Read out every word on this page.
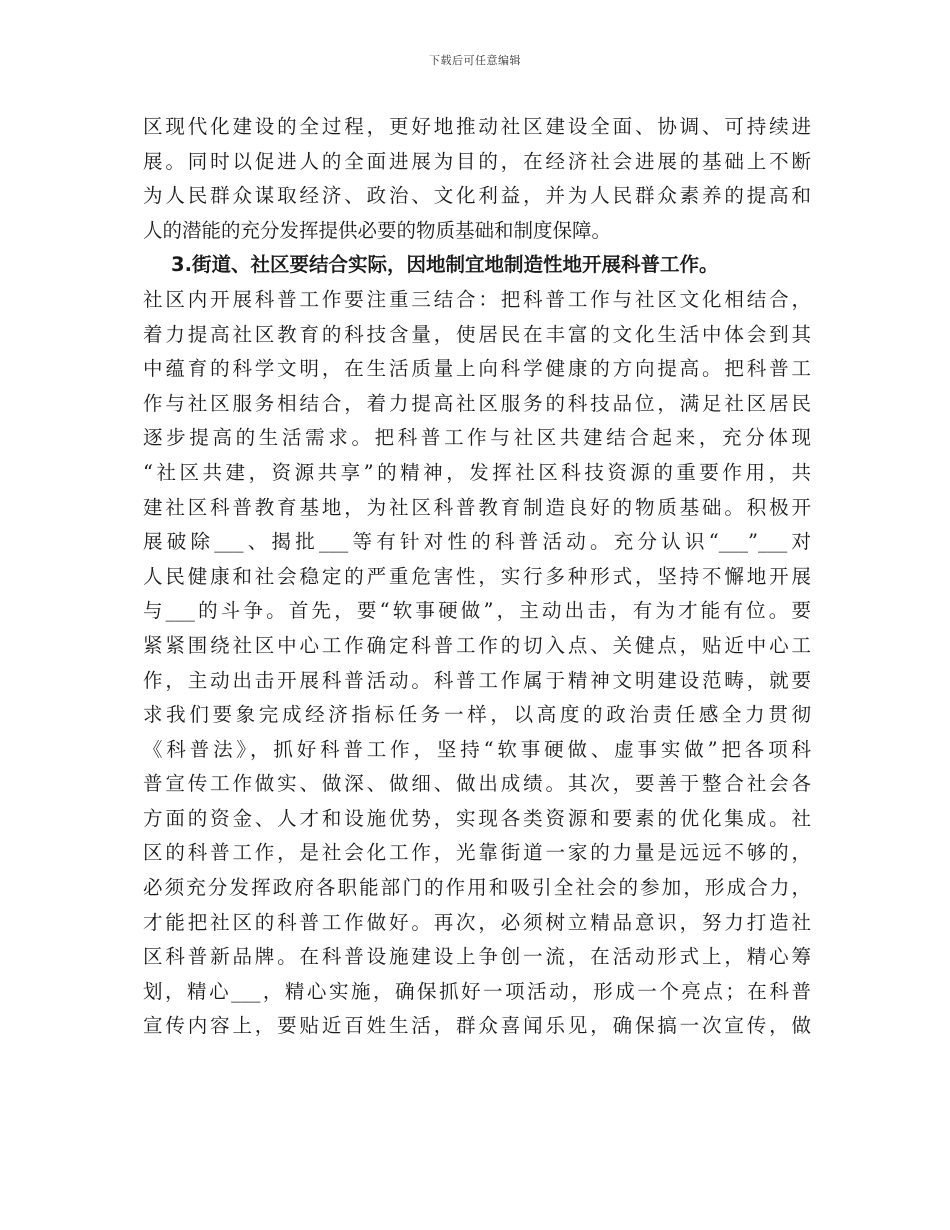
下载后可任意编辑
区现代化建设的全过程，更好地推动社区建设全面、协调、可持续进
展。同时以促进人的全面进展为目的，在经济社会进展的基础上不断
为人民群众谋取经济、政治、文化利益，并为人民群众素养的提高和
人的潜能的充分发挥提供必要的物质基础和制度保障。
3.街道、社区要结合实际，因地制宜地制造性地开展科普工作。
社区内开展科普工作要注重三结合：把科普工作与社区文化相结合，
着力提高社区教育的科技含量，使居民在丰富的文化生活中体会到其
中蕴育的科学文明，在生活质量上向科学健康的方向提高。把科普工
作与社区服务相结合，着力提高社区服务的科技品位，满足社区居民
逐步提高的生活需求。把科普工作与社区共建结合起来，充分体现
“社区共建，资源共享”的精神，发挥社区科技资源的重要作用，共
建社区科普教育基地，为社区科普教育制造良好的物质基础。积极开
展破除___、揭批___等有针对性的科普活动。充分认识“___”___对
人民健康和社会稳定的严重危害性，实行多种形式，坚持不懈地开展
与___的斗争。首先，要“软事硬做”，主动出击，有为才能有位。要
紧紧围绕社区中心工作确定科普工作的切入点、关健点，贴近中心工
作，主动出击开展科普活动。科普工作属于精神文明建设范畴，就要
求我们要象完成经济指标任务一样，以高度的政治责任感全力贯彻
《科普法》，抓好科普工作，坚持“软事硬做、虚事实做”把各项科
普宣传工作做实、做深、做细、做出成绩。其次，要善于整合社会各
方面的资金、人才和设施优势，实现各类资源和要素的优化集成。社
区的科普工作，是社会化工作，光靠街道一家的力量是远远不够的，
必须充分发挥政府各职能部门的作用和吸引全社会的参加，形成合力，
才能把社区的科普工作做好。再次，必须树立精品意识，努力打造社
区科普新品牌。在科普设施建设上争创一流，在活动形式上，精心筹
划，精心___，精心实施，确保抓好一项活动，形成一个亮点；在科普
宣传内容上，要贴近百姓生活，群众喜闻乐见，确保搞一次宣传，做
